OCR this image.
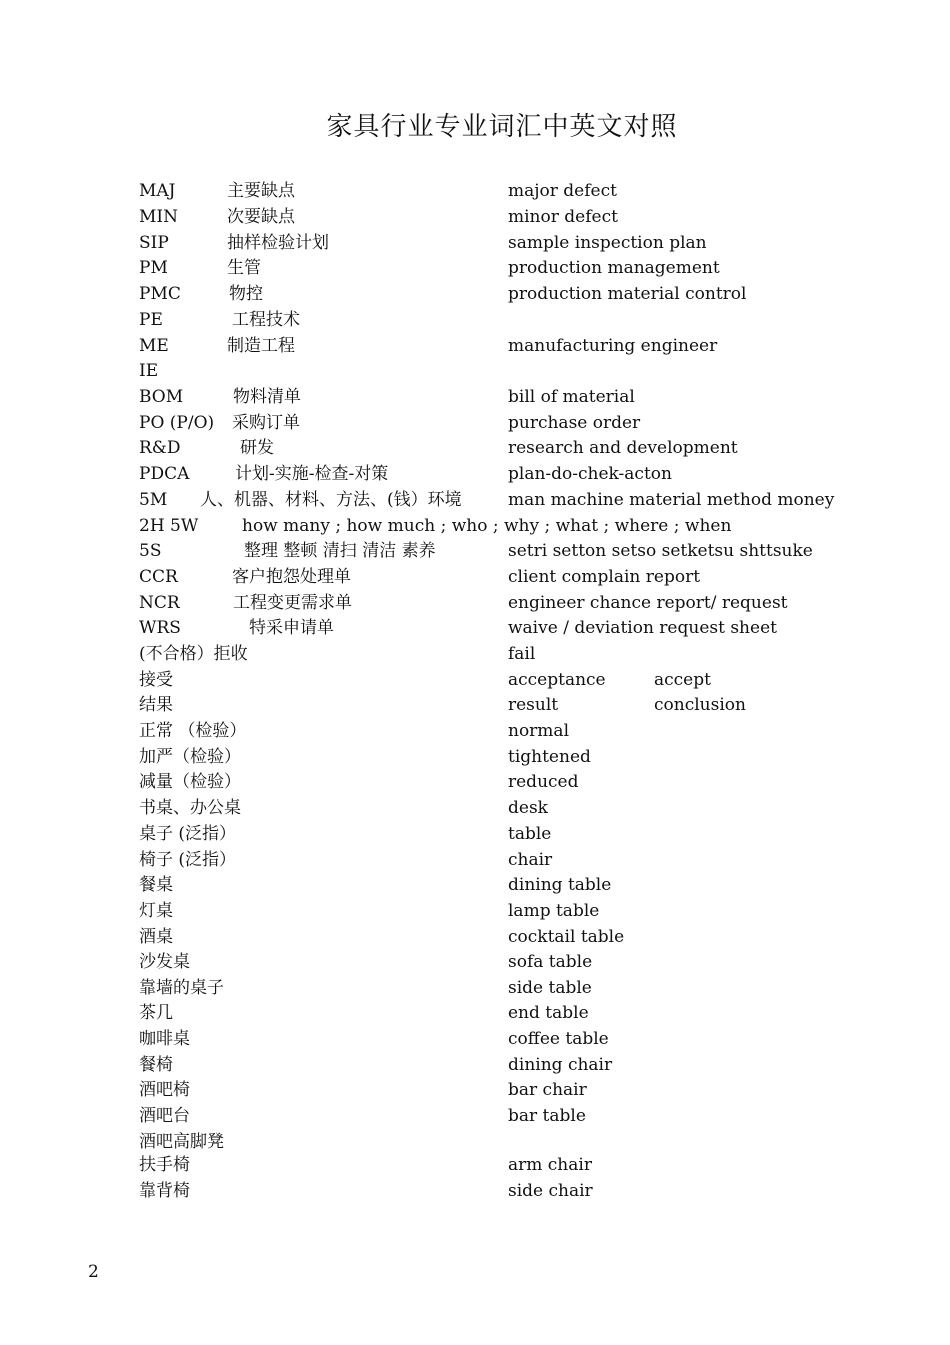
家具行业专业词汇中英文对照
MAJ	主要缺点	major defect
MIN	次要缺点	minor defect
SIP	抽样检验计划	sample inspection plan
PM	生管	production management
PMC	物控	production material control
PE	工程技术
ME	制造工程	manufacturing engineer
IE
BOM	物料清单	bill of material
PO (P/O) 采购订单	purchase order
R&D	研发	research and development
PDCA	计划-实施-检查-对策	plan-do-chek-acton
5M 人、机器、材料、方法、(钱）环境	man machine material method money
2H 5W	how many ; how much ; who ; why ; what ; where ; when
5S	整理 整顿 清扫 清洁 素养	setri setton setso setketsu shttsuke
CCR	客户抱怨处理单	client complain report
NCR	工程变更需求单	engineer chance report/ request
WRS	特采申请单	waive / deviation request sheet
(不合格）拒收	fail
接受	acceptance	accept
结果	result	conclusion
正常 （检验）	normal
加严（检验）	tightened
减量（检验）	reduced
书桌、办公桌	desk
桌子 (泛指）	table
椅子 (泛指）	chair
餐桌	dining table
灯桌	lamp table
酒桌	cocktail table
沙发桌	sofa table
靠墙的桌子	side table
茶几	end table
咖啡桌	coffee table
餐椅	dining chair
酒吧椅	bar chair
酒吧台	bar table
酒吧高脚凳
扶手椅	arm chair
靠背椅	side chair
2
